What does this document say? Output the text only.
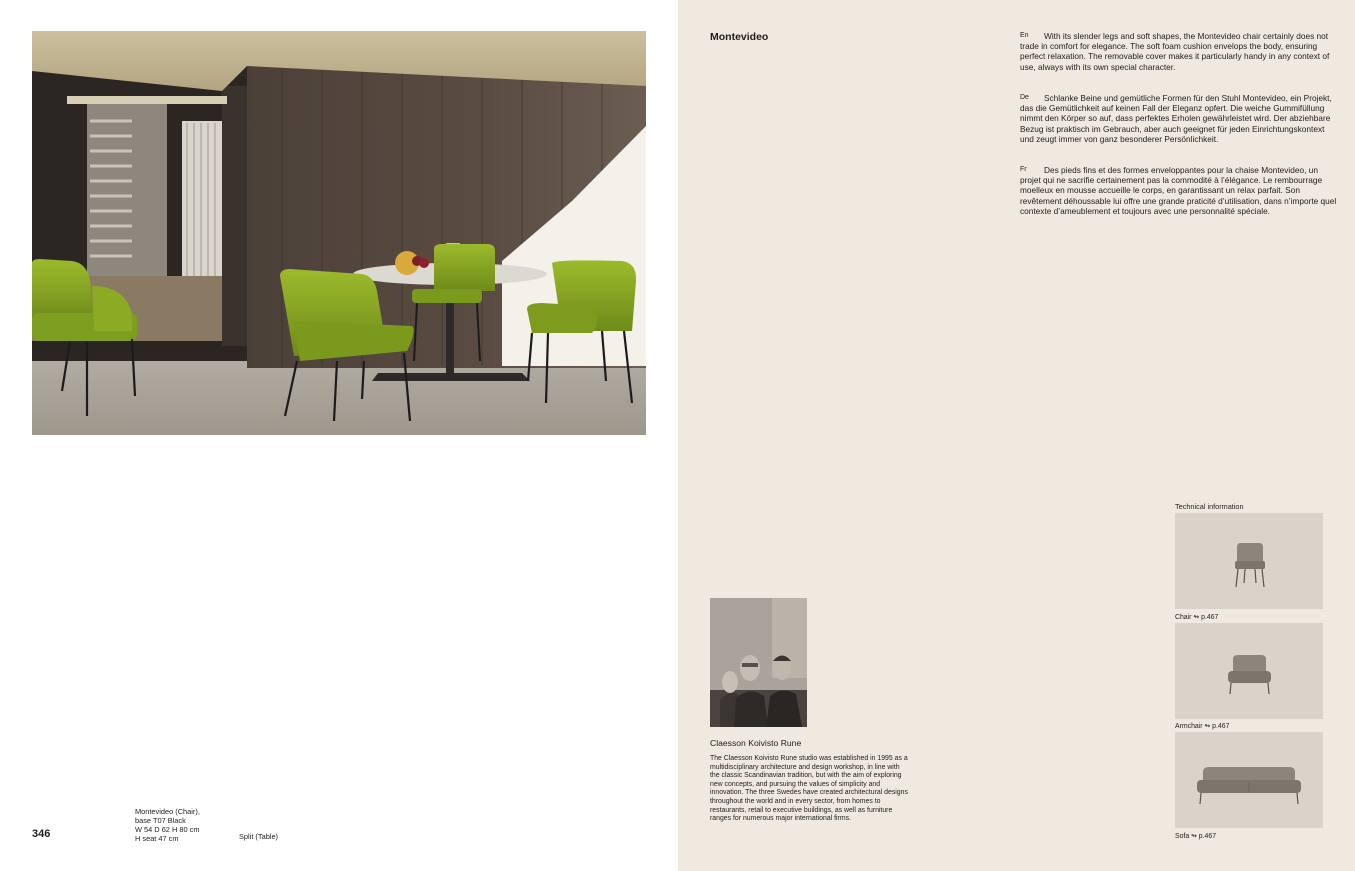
346
Montevideo (Chair),
base T07 Black
W 54 D 62 H 80 cm
H seat 47 cm	Split (Table)
Montevideo	En	With its slender legs and soft shapes, the Montevideo chair certainly does not trade in comfort for elegance. The soft foam cushion envelops the body, ensuring perfect relaxation. The removable cover makes it particularly handy in any context of use, always with its own special character.
De	Schlanke Beine und gemütliche Formen für den Stuhl Montevideo, ein Projekt, das die Gemütlichkeit auf keinen Fall der Eleganz opfert. Die weiche Gummifüllung nimmt den Körper so auf, dass perfektes Erholen gewährleistet wird. Der abziehbare Bezug ist praktisch im Gebrauch, aber auch geeignet für jeden Einrichtungskontext und zeugt immer von ganz besonderer Persönlichkeit.
Fr	Des pieds fins et des formes enveloppantes pour la chaise Montevideo, un projet qui ne sacrifie certainement pas la commodité à l’élégance. Le rembourrage moelleux en mousse accueille le corps, en garantissant un relax parfait. Son revêtement déhoussable lui offre une grande praticité d’utilisation, dans n’importe quel contexte d’ameublement et toujours avec une personnalité spéciale.
Claesson Koivisto Rune
The Claesson Koivisto Rune studio was established in 1995 as a multidisciplinary architecture and design workshop, in line with the classic Scandinavian tradition, but with the aim of exploring new concepts, and pursuing the values of simplicity and innovation. The three Swedes have created architectural designs throughout the world and in every sector, from homes to restaurants, retail to executive buildings, as well as furniture ranges for numerous major international firms.
Technical information
Chair ↬ p.467
Armchair ↬ p.467
Sofa ↬ p.467
